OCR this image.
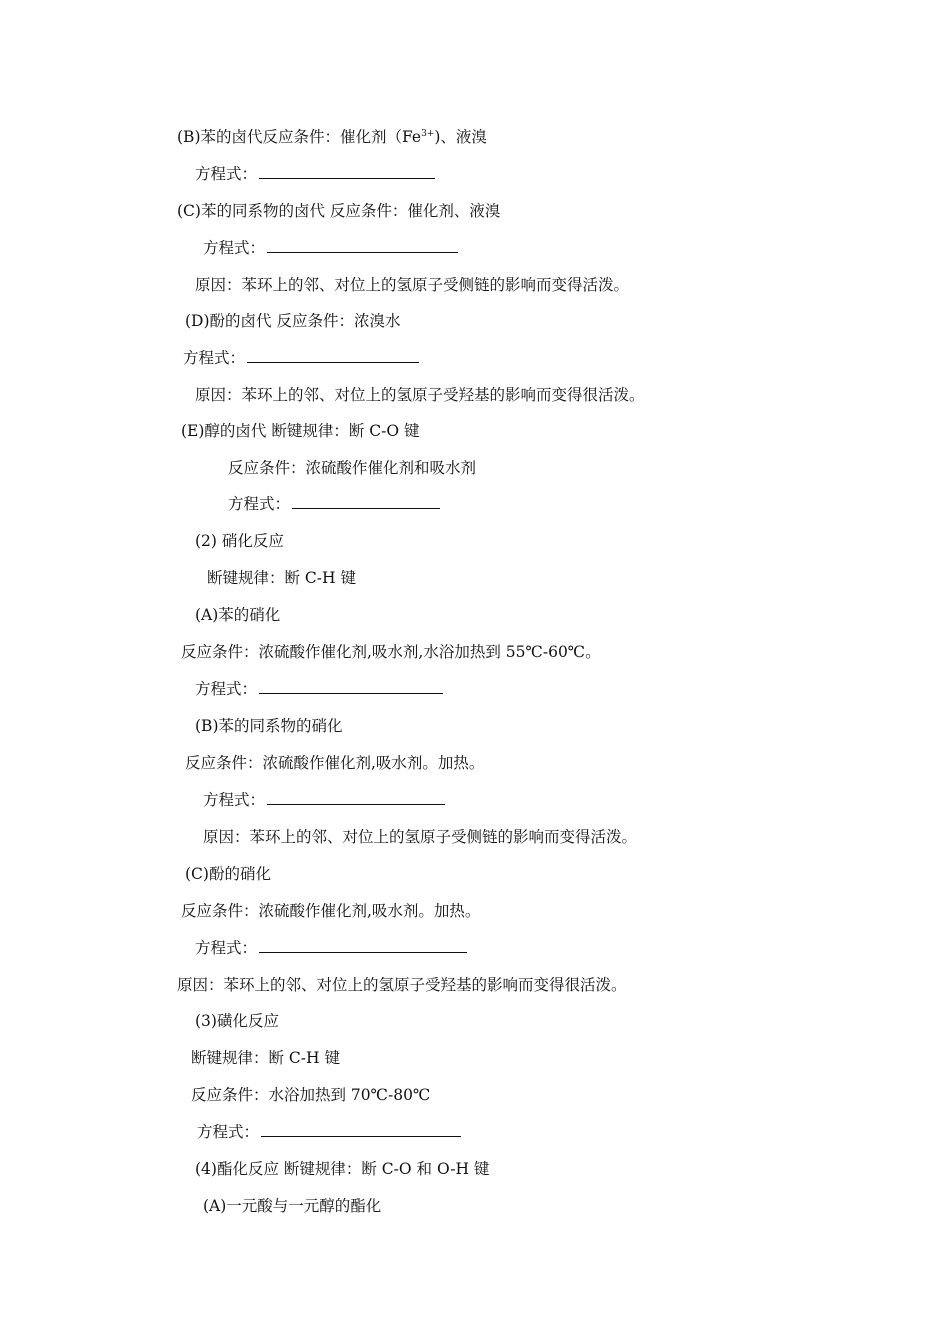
(B)苯的卤代反应条件：催化剂$(Fe^{3+})$、液溴
方程式：
(C)苯的同系物的卤代 反应条件：催化剂、液溴
方程式：
原因：苯环上的邻、对位上的氢原子受侧链的影响而变得活泼。
(D)酚的卤代 反应条件：浓溴水
方程式：
原因：苯环上的邻、对位上的氢原子受羟基的影响而变得很活泼。
(E)醇的卤代 断键规律：断 C-O 键
反应条件：浓硫酸作催化剂和吸水剂
方程式：
(2) 硝化反应
断键规律：断 C-H 键
(A)苯的硝化
反应条件：浓硫酸作催化剂,吸水剂,水浴加热到 55℃-60℃。
方程式：
(B)苯的同系物的硝化
反应条件：浓硫酸作催化剂,吸水剂。加热。
方程式：
原因：苯环上的邻、对位上的氢原子受侧链的影响而变得活泼。
(C)酚的硝化
反应条件：浓硫酸作催化剂,吸水剂。加热。
方程式：
原因：苯环上的邻、对位上的氢原子受羟基的影响而变得很活泼。
(3)磺化反应
断键规律：断 C-H 键
反应条件：水浴加热到 70℃-80℃
方程式：
(4)酯化反应 断键规律：断 C-O 和 O-H 键
(A)一元酸与一元醇的酯化
